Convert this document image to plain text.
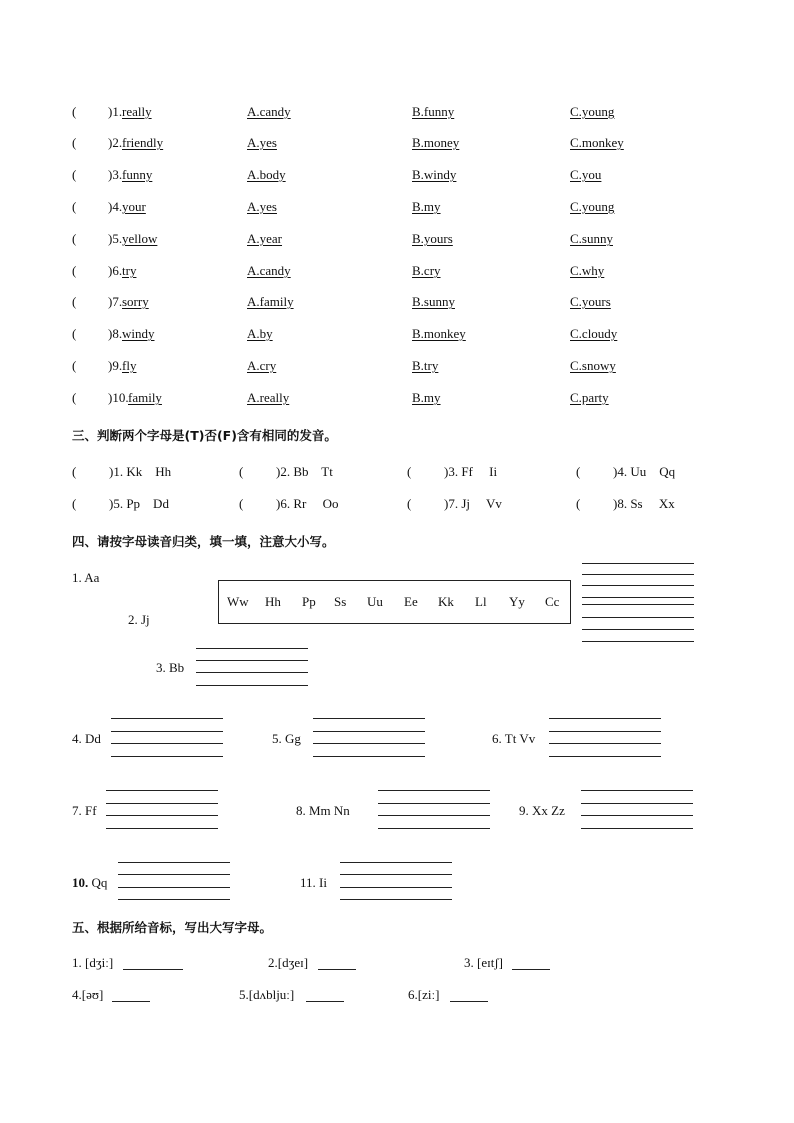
( )1. really	A.candy	B.funny	C.young
( )2. friendly	A.yes	B.money	C.monkey
( )3. funny	A.body	B.windy	C.you
( )4. your	A.yes	B.my	C.young
( )5. yellow	A.year	B.yours	C.sunny
( )6. try	A.candy	B.cry	C.why
( )7. sorry	A.family	B.sunny	C.yours
( )8. windy	A.by	B.monkey	C.cloudy
( )9. fly	A.cry	B.try	C.snowy
( )10. family	A.really	B.my	C.party
三、判断两个字母是(T)否(F)含有相同的发音。
(	)1. Kk    Hh	(	)2. Bb    Tt	(	)3. Ff     Ii	(	)4. Uu    Qq
(	)5. Pp    Dd	(	)6. Rr     Oo	(	)7. Jj     Vv	(	)8. Ss     Xx
四、请按字母读音归类，填一填，注意大小写。
1. Aa
2. Jj
Ww Hh Pp Ss Uu Ee Kk Ll Yy Cc
3. Bb
4. Dd	5. Gg	6. Tt Vv
7. Ff	8. Mm Nn	9. Xx Zz
10. Qq	11. Ii
五、根据所给音标，写出大写字母。
1. [dʒiː]	2.[dʒeɪ]	3. [eɪtʃ]
4.[əʊ]	5.[dʌbljuː]	6.[ziː]
